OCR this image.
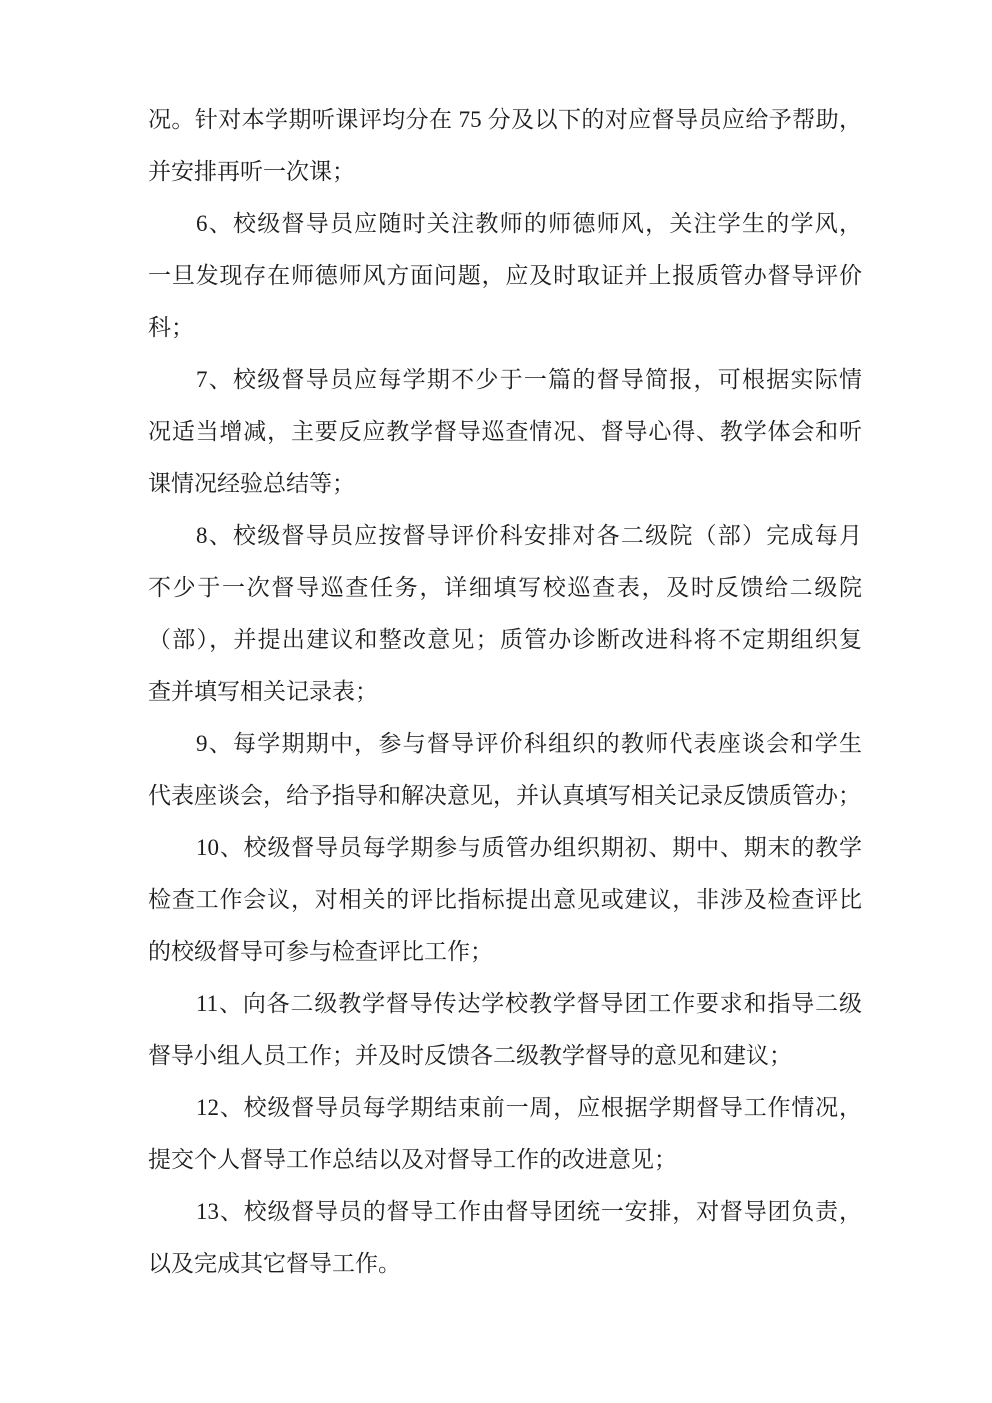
况。针对本学期听课评均分在 75 分及以下的对应督导员应给予帮助，
并安排再听一次课；
6、校级督导员应随时关注教师的师德师风，关注学生的学风，
一旦发现存在师德师风方面问题，应及时取证并上报质管办督导评价
科；
7、校级督导员应每学期不少于一篇的督导简报，可根据实际情
况适当增减，主要反应教学督导巡查情况、督导心得、教学体会和听
课情况经验总结等；
8、校级督导员应按督导评价科安排对各二级院（部）完成每月
不少于一次督导巡查任务，详细填写校巡查表，及时反馈给二级院
（部），并提出建议和整改意见；质管办诊断改进科将不定期组织复
查并填写相关记录表；
9、每学期期中，参与督导评价科组织的教师代表座谈会和学生
代表座谈会，给予指导和解决意见，并认真填写相关记录反馈质管办；
10、校级督导员每学期参与质管办组织期初、期中、期末的教学
检查工作会议，对相关的评比指标提出意见或建议，非涉及检查评比
的校级督导可参与检查评比工作；
11、向各二级教学督导传达学校教学督导团工作要求和指导二级
督导小组人员工作；并及时反馈各二级教学督导的意见和建议；
12、校级督导员每学期结束前一周，应根据学期督导工作情况，
提交个人督导工作总结以及对督导工作的改进意见；
13、校级督导员的督导工作由督导团统一安排，对督导团负责，
以及完成其它督导工作。
